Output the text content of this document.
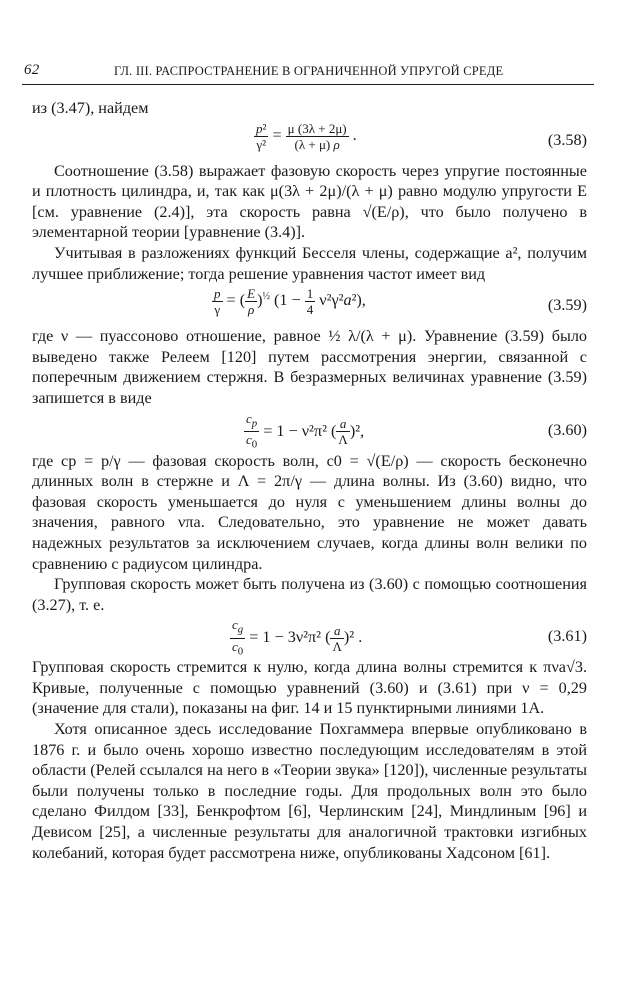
62	ГЛ. III. РАСПРОСТРАНЕНИЕ В ОГРАНИЧЕННОЙ УПРУГОЙ СРЕДЕ

из (3.47), найдем

$\frac{\text{p²}}{\text{γ²}} = \frac{\mu (3\lambda + 2\mu)}{(\lambda + \mu) \rho}$ .	(3.58)

Соотношение (3.58) выражает фазовую скорость через упругие постоянные и плотность цилиндра, и, так как μ(3λ + 2μ)/(λ + μ) равно модулю упругости E [см. уравнение (2.4)], эта скорость равна √(E/ρ), что было получено в элементарной теории [уравнение (3.4)].

Учитывая в разложениях функций Бесселя члены, содержащие a², получим лучшее приближение; тогда решение уравнения частот имеет вид

$\frac{p}{\gamma}$ = ( $\frac{E}{\rho} )^{\frac{1}{2}}$ $(1 - \frac{1}{4} \nu^2\gamma^2a^2)$,	(3.59)

где ν — пуассоново отношение, равное ½ λ/(λ + μ). Уравнение (3.59) было выведено также Релеем [120] путем рассмотрения энергии, связанной с поперечным движением стержня. В безразмерных величинах уравнение (3.59) запишется в виде

$\frac{c_p}{c_0} = 1 - \nu^2\pi^2$ ( $\frac{a}{\Lambda} )^2$,	(3.60)

где cp = p/γ — фазовая скорость волн, c0 = √(E/ρ) — скорость бесконечно длинных волн в стержне и Λ = 2π/γ — длина волны. Из (3.60) видно, что фазовая скорость уменьшается до нуля с уменьшением длины волны до значения, равного νπa. Следовательно, это уравнение не может давать надежных результатов за исключением случаев, когда длины волн велики по сравнению с радиусом цилиндра.

Групповая скорость может быть получена из (3.60) с помощью соотношения (3.27), т. е.

$\frac{c_g}{c_0} = 1 - 3\nu^2\pi^2$ ( $\frac{a}{\Lambda} )^2$ .	(3.61)

Групповая скорость стремится к нулю, когда длина волны стремится к πνa√3. Кривые, полученные с помощью уравнений (3.60) и (3.61) при ν = 0,29 (значение для стали), показаны на фиг. 14 и 15 пунктирными линиями 1A.

Хотя описанное здесь исследование Похгаммера впервые опубликовано в 1876 г. и было очень хорошо известно последующим исследователям в этой области (Релей ссылался на него в «Теории звука» [120]), численные результаты были получены только в последние годы. Для продольных волн это было сделано Филдом [33], Бенкрофтом [6], Черлинским [24], Миндлиным [96] и Девисом [25], а численные результаты для аналогичной трактовки изгибных колебаний, которая будет рассмотрена ниже, опубликованы Хадсоном [61].
